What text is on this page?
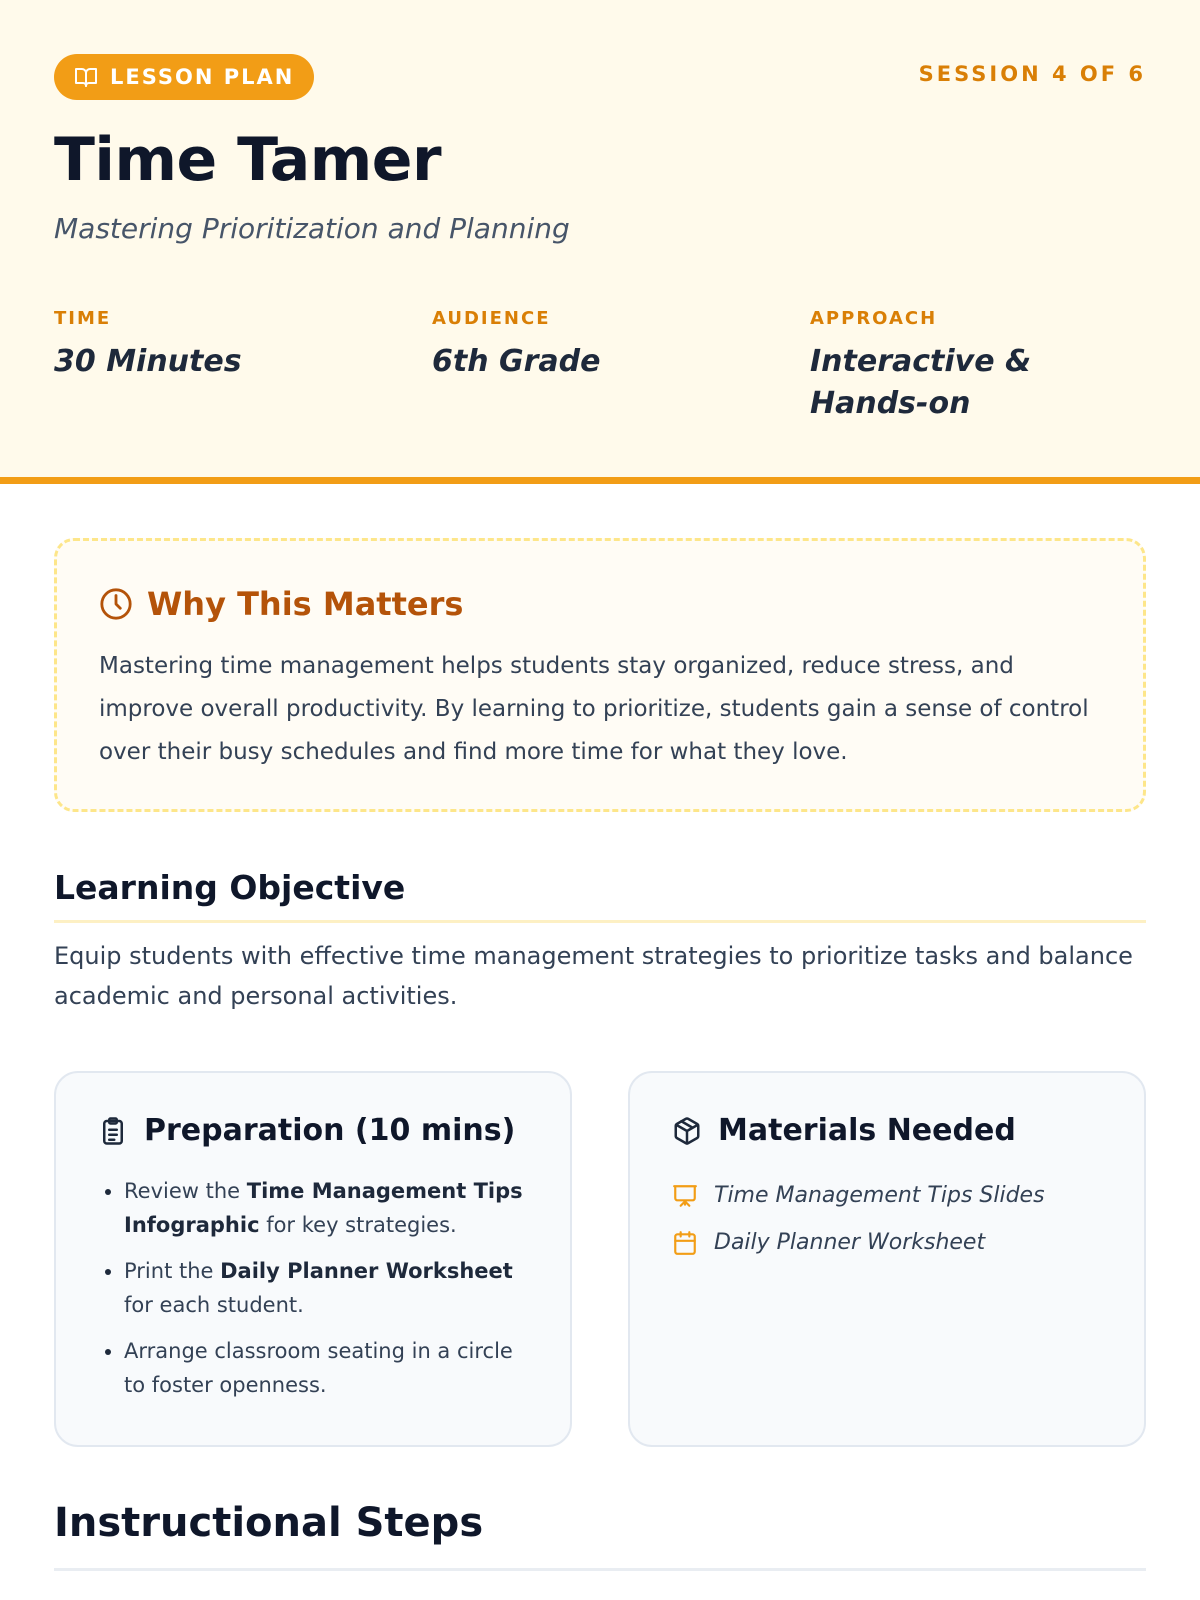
LESSON PLAN	SESSION 4 OF 6
Time Tamer
Mastering Prioritization and Planning
TIME
30 Minutes
AUDIENCE
6th Grade
APPROACH
Interactive & Hands-on
Why This Matters
Mastering time management helps students stay organized, reduce stress, and improve overall productivity. By learning to prioritize, students gain a sense of control over their busy schedules and find more time for what they love.
Learning Objective
Equip students with effective time management strategies to prioritize tasks and balance academic and personal activities.
Preparation (10 mins)
• Review the Time Management Tips Infographic for key strategies.
• Print the Daily Planner Worksheet for each student.
• Arrange classroom seating in a circle to foster openness.
Materials Needed
Time Management Tips Slides
Daily Planner Worksheet
Instructional Steps
